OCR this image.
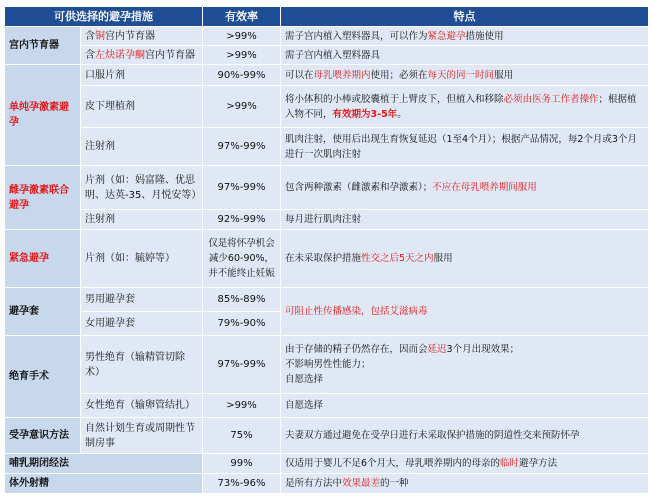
可供选择的避孕措施		有效率	特点
宫内节育器	含铜宫内节育器	>99%	需子宫内植入塑料器具，可以作为紧急避孕措施使用
	含左炔诺孕酮宫内节育器	>99%	需子宫内植入塑料器具
单纯孕激素避孕	口服片剂	90%-99%	可以在母乳喂养期内使用；必须在每天的同一时间服用
	皮下埋植剂	>99%	将小体积的小棒或胶囊植于上臂皮下，但植入和移除必须由医务工作者操作；根据植入物不同，有效期为3-5年。
	注射剂	97%-99%	肌肉注射，使用后出现生育恢复延迟（1至4个月）；根据产品情况，每2个月或3个月进行一次肌肉注射
雌孕激素联合避孕	片剂（如：妈富隆、优思明、达英-35、月悦安等）	97%-99%	包含两种激素（雌激素和孕激素）；不应在母乳喂养期间服用
	注射剂	92%-99%	每月进行肌肉注射
紧急避孕	片剂（如：毓婷等）	仅是将怀孕机会减少60-90%，并不能终止妊娠	在未采取保护措施性交之后5天之内服用
避孕套	男用避孕套	85%-89%	可阻止性传播感染，包括艾滋病毒
	女用避孕套	79%-90%	
绝育手术	男性绝育（输精管切除术）	97%-99%	由于存储的精子仍然存在，因而会延迟3个月出现效果；
不影响男性性能力；
自愿选择

	女性绝育（输卵管结扎）	>99%	自愿选择
受孕意识方法	自然计划生育或周期性节制房事	75%	夫妻双方通过避免在受孕日进行未采取保护措施的阴道性交来预防怀孕
哺乳期闭经法		99%	仅适用于婴儿不足6个月大，母乳喂养期内的母亲的临时避孕方法
体外射精		73%-96%	是所有方法中效果最差的一种
